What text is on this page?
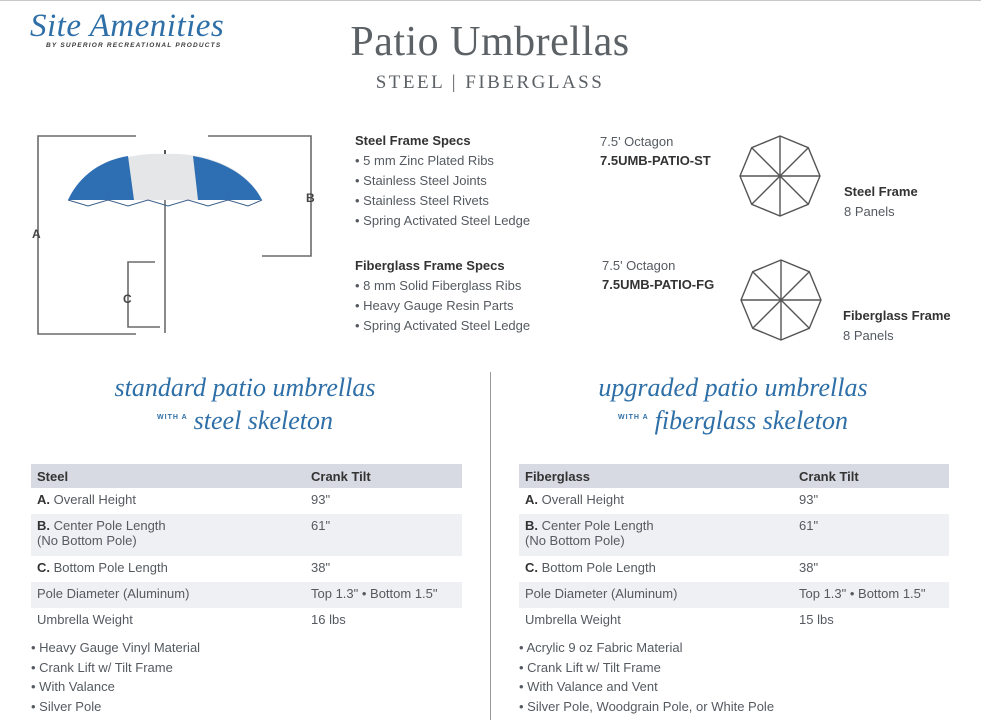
Site Amenities
BY SUPERIOR RECREATIONAL PRODUCTS	Patio Umbrellas
STEEL | FIBERGLASS
A
B
C
Steel Frame Specs
• 5 mm Zinc Plated Ribs
• Stainless Steel Joints
• Stainless Steel Rivets
• Spring Activated Steel Ledge
7.5' Octagon
7.5UMB-PATIO-ST
Steel Frame
8 Panels
Fiberglass Frame Specs
• 8 mm Solid Fiberglass Ribs
• Heavy Gauge Resin Parts
• Spring Activated Steel Ledge
7.5' Octagon
7.5UMB-PATIO-FG
Fiberglass Frame
8 Panels
standard patio umbrellas
$^{WITH A}$ steel skeleton
Steel	Crank Tilt
A. Overall Height	93"
B. Center Pole Length
(No Bottom Pole)	61"
C. Bottom Pole Length	38"
Pole Diameter (Aluminum)	Top 1.3" • Bottom 1.5"
Umbrella Weight	16 lbs
• Heavy Gauge Vinyl Material
• Crank Lift w/ Tilt Frame
• With Valance
• Silver Pole
upgraded patio umbrellas
$^{WITH A}$ fiberglass skeleton
Fiberglass	Crank Tilt
A. Overall Height	93"
B. Center Pole Length
(No Bottom Pole)	61"
C. Bottom Pole Length	38"
Pole Diameter (Aluminum)	Top 1.3" • Bottom 1.5"
Umbrella Weight	15 lbs
• Acrylic 9 oz Fabric Material
• Crank Lift w/ Tilt Frame
• With Valance and Vent
• Silver Pole, Woodgrain Pole, or White Pole
